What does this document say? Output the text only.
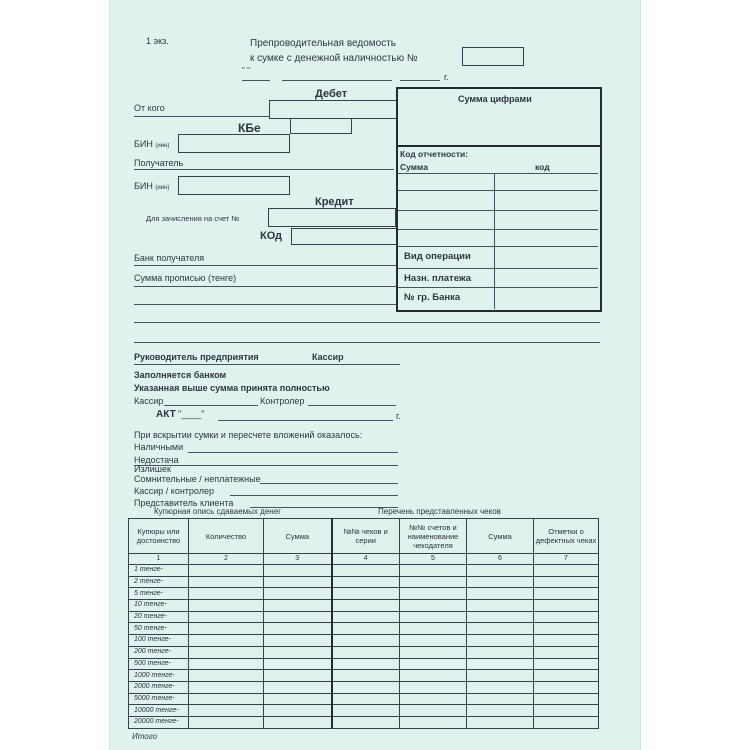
1 экз.	Препроводительная ведомость
к сумке с денежной наличностью №
" "
г.
Дебет
От кого
КБе
БИН (иин)
Получатель
БИН (иин)
Кредит
Для зачисления на счет №
КОд
Сумма цифрами
Код отчетности:
Сумма	код
Вид операции
Назн. платежа
№ гр. Банка
Банк получателя
Сумма прописью (тенге)
Руководитель предприятия	Кассир
Заполняется банком
Указанная выше сумма принята полностью
Кассир	Контролер
АКТ "____"	г.
При вскрытии сумки и пересчете вложений оказалось:
Наличными
Недостача
Излишек
Сомнительные / неплатежные
Кассир / контролер
Представитель клиента
Купюрная опись сдаваемых денег	Перечень представленных чеков
Купюры или достоинство	Количество	Сумма	№№ чеков и серии	№№ счетов и наименование чекодателя	Сумма	Отметки о дефектных чеках
1	2	3	4	5	6	7
1 тенге-						
2 тенге-						
5 тенге-						
10 тенге-						
20 тенге-						
50 тенге-						
100 тенге-						
200 тенге-						
500 тенге-						
1000 тенге-						
2000 тенге-						
5000 тенге-						
10000 тенге-						
20000 тенге-						
Итого
